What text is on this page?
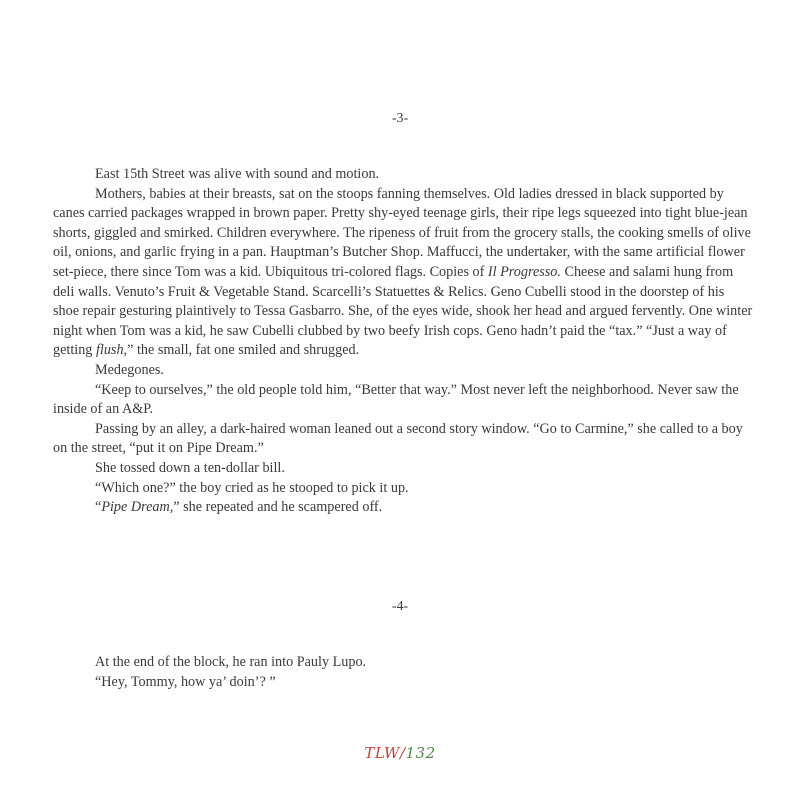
-3-

East 15th Street was alive with sound and motion.

Mothers, babies at their breasts, sat on the stoops fanning themselves. Old ladies dressed in black supported by canes carried packages wrapped in brown paper. Pretty shy-eyed teenage girls, their ripe legs squeezed into tight blue-jean shorts, giggled and smirked. Children everywhere. The ripeness of fruit from the grocery stalls, the cooking smells of olive oil, onions, and garlic frying in a pan. Hauptman’s Butcher Shop. Maffucci, the undertaker, with the same artificial flower set-piece, there since Tom was a kid. Ubiquitous tri-colored flags. Copies of Il Progresso. Cheese and salami hung from deli walls. Venuto’s Fruit & Vegetable Stand. Scarcelli’s Statuettes & Relics. Geno Cubelli stood in the doorstep of his shoe repair gesturing plaintively to Tessa Gasbarro. She, of the eyes wide, shook her head and argued fervently. One winter night when Tom was a kid, he saw Cubelli clubbed by two beefy Irish cops. Geno hadn’t paid the “tax.” “Just a way of getting flush,” the small, fat one smiled and shrugged.

Medegones.

“Keep to ourselves,” the old people told him, “Better that way.” Most never left the neighborhood. Never saw the inside of an A&P.

Passing by an alley, a dark-haired woman leaned out a second story window. “Go to Carmine,” she called to a boy on the street, “put it on Pipe Dream.”

She tossed down a ten-dollar bill.

“Which one?” the boy cried as he stooped to pick it up.

“Pipe Dream,” she repeated and he scampered off.

-4-

At the end of the block, he ran into Pauly Lupo.

“Hey, Tommy, how ya’ doin’? ”

TLW/132
